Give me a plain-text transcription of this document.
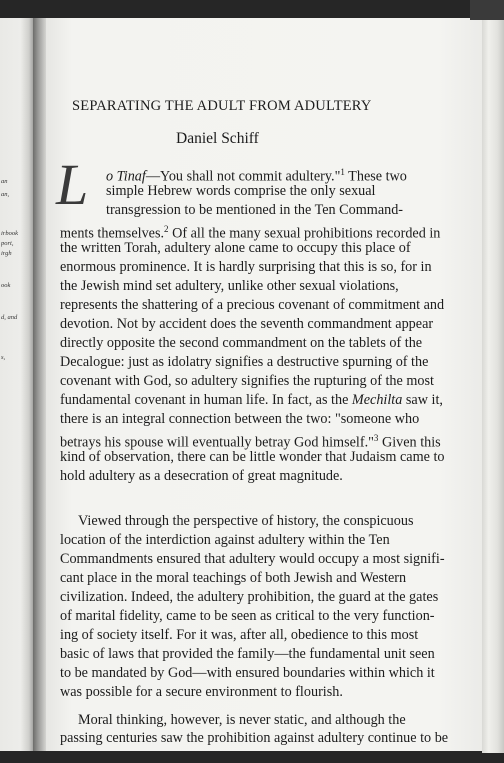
an
an,
irbook
port,
irgh
ook
d, and
s,
SEPARATING THE ADULT FROM ADULTERY
Daniel Schiff
L o Tinaf—You shall not commit adultery."$^1$ These two
simple Hebrew words comprise the only sexual
transgression to be mentioned in the Ten Command-
ments themselves.$^2$ Of all the many sexual prohibitions recorded in
the written Torah, adultery alone came to occupy this place of
enormous prominence. It is hardly surprising that this is so, for in
the Jewish mind set adultery, unlike other sexual violations,
represents the shattering of a precious covenant of commitment and
devotion. Not by accident does the seventh commandment appear
directly opposite the second commandment on the tablets of the
Decalogue: just as idolatry signifies a destructive spurning of the
covenant with God, so adultery signifies the rupturing of the most
fundamental covenant in human life. In fact, as the Mechilta saw it,
there is an integral connection between the two: "someone who
betrays his spouse will eventually betray God himself."$^3$ Given this
kind of observation, there can be little wonder that Judaism came to
hold adultery as a desecration of great magnitude.
Viewed through the perspective of history, the conspicuous
location of the interdiction against adultery within the Ten
Commandments ensured that adultery would occupy a most signifi-
cant place in the moral teachings of both Jewish and Western
civilization. Indeed, the adultery prohibition, the guard at the gates
of marital fidelity, came to be seen as critical to the very function-
ing of society itself. For it was, after all, obedience to this most
basic of laws that provided the family—the fundamental unit seen
to be mandated by God—with ensured boundaries within which it
was possible for a secure environment to flourish.
Moral thinking, however, is never static, and although the
passing centuries saw the prohibition against adultery continue to be
